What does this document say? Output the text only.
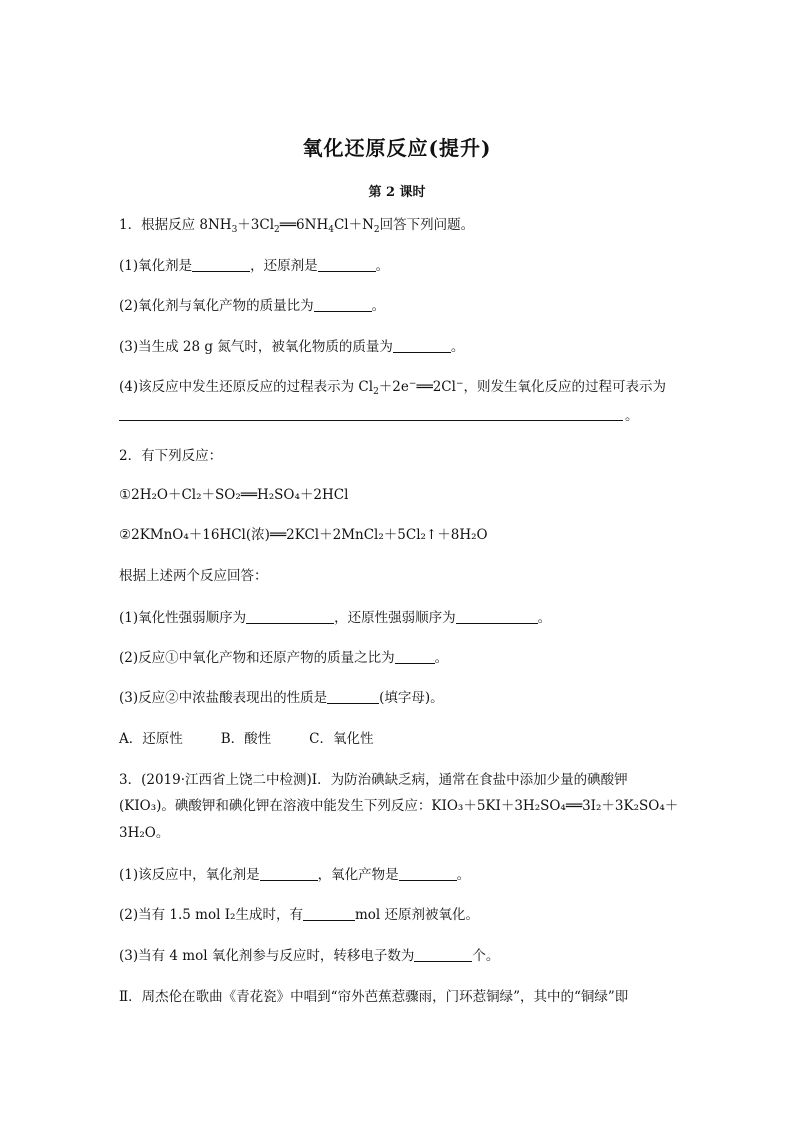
氧化还原反应(提升)
第 2 课时
1．根据反应 $8NH_3+3Cl_2══6NH_4Cl+N_2$回答下列问题。
(1)氧化剂是	，还原剂是	。
(2)氧化剂与氧化产物的质量比为	。
(3)当生成 28 g 氮气时，被氧化物质的质量为	。
(4)该反应中发生还原反应的过程表示为 $Cl_2+2e^-══2Cl^-$，则发生氧化反应的过程可表示为
。
2．有下列反应：
①2H₂O＋Cl₂＋SO₂══H₂SO₄＋2HCl
②2KMnO₄＋16HCl(浓)══2KCl＋2MnCl₂＋5Cl₂↑＋8H₂O
根据上述两个反应回答：
(1)氧化性强弱顺序为	，还原性强弱顺序为	。
(2)反应①中氧化产物和还原产物的质量之比为	。
(3)反应②中浓盐酸表现出的性质是	(填字母)。
A．还原性	B．酸性	C．氧化性
3．(2019·江西省上饶二中检测)Ⅰ．为防治碘缺乏病，通常在食盐中添加少量的碘酸钾
(KIO₃)。碘酸钾和碘化钾在溶液中能发生下列反应：KIO₃＋5KI＋3H₂SO₄══3I₂＋3K₂SO₄＋
3H₂O。
(1)该反应中，氧化剂是	，氧化产物是	。
(2)当有 1.5 mol I₂生成时，有	mol 还原剂被氧化。
(3)当有 4 mol 氧化剂参与反应时，转移电子数为	个。
Ⅱ．周杰伦在歌曲《青花瓷》中唱到“帘外芭蕉惹骤雨，门环惹铜绿”，其中的“铜绿”即
